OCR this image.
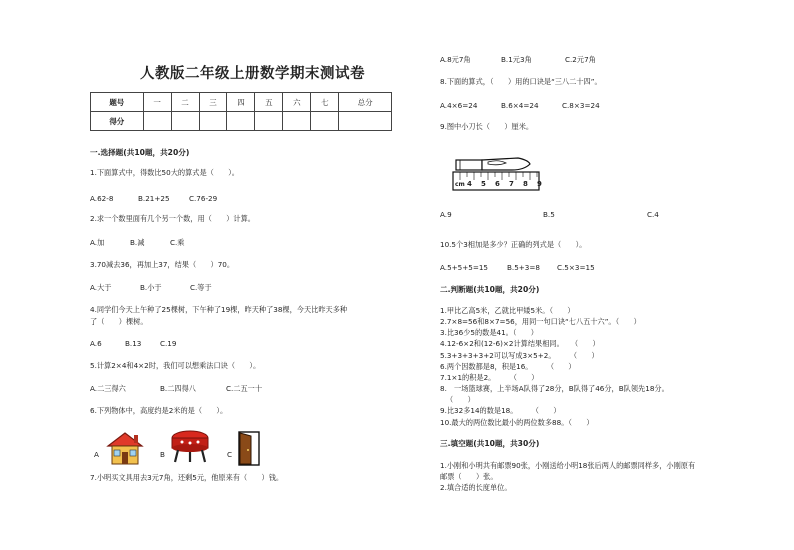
人教版二年级上册数学期末测试卷
题号	一	二	三	四	五	六	七	总分
得分								
一.选择题(共10题，共20分)
1.下面算式中，得数比50大的算式是（　　）。
A.62-8	B.21+25	C.76-29
2.求一个数里面有几个另一个数，用（　　）计算。
A.加	B.减	C.乘
3.70减去36，再加上37，结果（　　）70。
A.大于	B.小于	C.等于
4.同学们今天上午种了25棵树，下午种了19棵，昨天种了38棵，今天比昨天多种
了（　　）棵树。
A.6	B.13	C.19
5.计算2×4和4×2时，我们可以想乘法口诀（　　）。
A.二三得六	B.二四得八	C.二五一十
6.下列物体中，高度约是2米的是（　　）。
A	B	C
7.小明买文具用去3元7角，还剩5元，他原来有（　　）钱。
A.8元7角	B.1元3角	C.2元7角
8.下面的算式，（　　）用的口诀是“三八二十四”。
A.4×6=24	B.6×4=24	C.8×3=24
9.图中小刀长（　　）厘米。
cm 4 5 6 7 8 9
A.9	B.5	C.4
10.5个3相加是多少？正确的列式是（　　）。
A.5+5+5=15	B.5+3=8 C.5×3=15
二.判断题(共10题，共20分)
1.甲比乙高5米，乙就比甲矮5米。（　　）
2.7×8=56和8×7=56，用同一句口诀“七八五十六”。（　　）
3.比36少5的数是41。（　　）
4.12-6×2和(12-6)×2计算结果相同。　　（　　）
5.3+3+3+3+2可以写成3×5+2。　　　（　　）
6.两个因数都是8，积是16。　　　（　　）
7.1×1的积是2。　　　（　　）
8.　一场篮球赛，上半场A队得了28分，B队得了46分，B队领先18分。
（　　）
9.比32多14的数是18。　　　（　　）
10.最大的两位数比最小的两位数多88。（　　）
三.填空题(共10题，共30分)
1.小刚和小明共有邮票90张，小刚送给小明18张后两人的邮票同样多，小刚原有
邮票（　　）张。
2.填合适的长度单位。
